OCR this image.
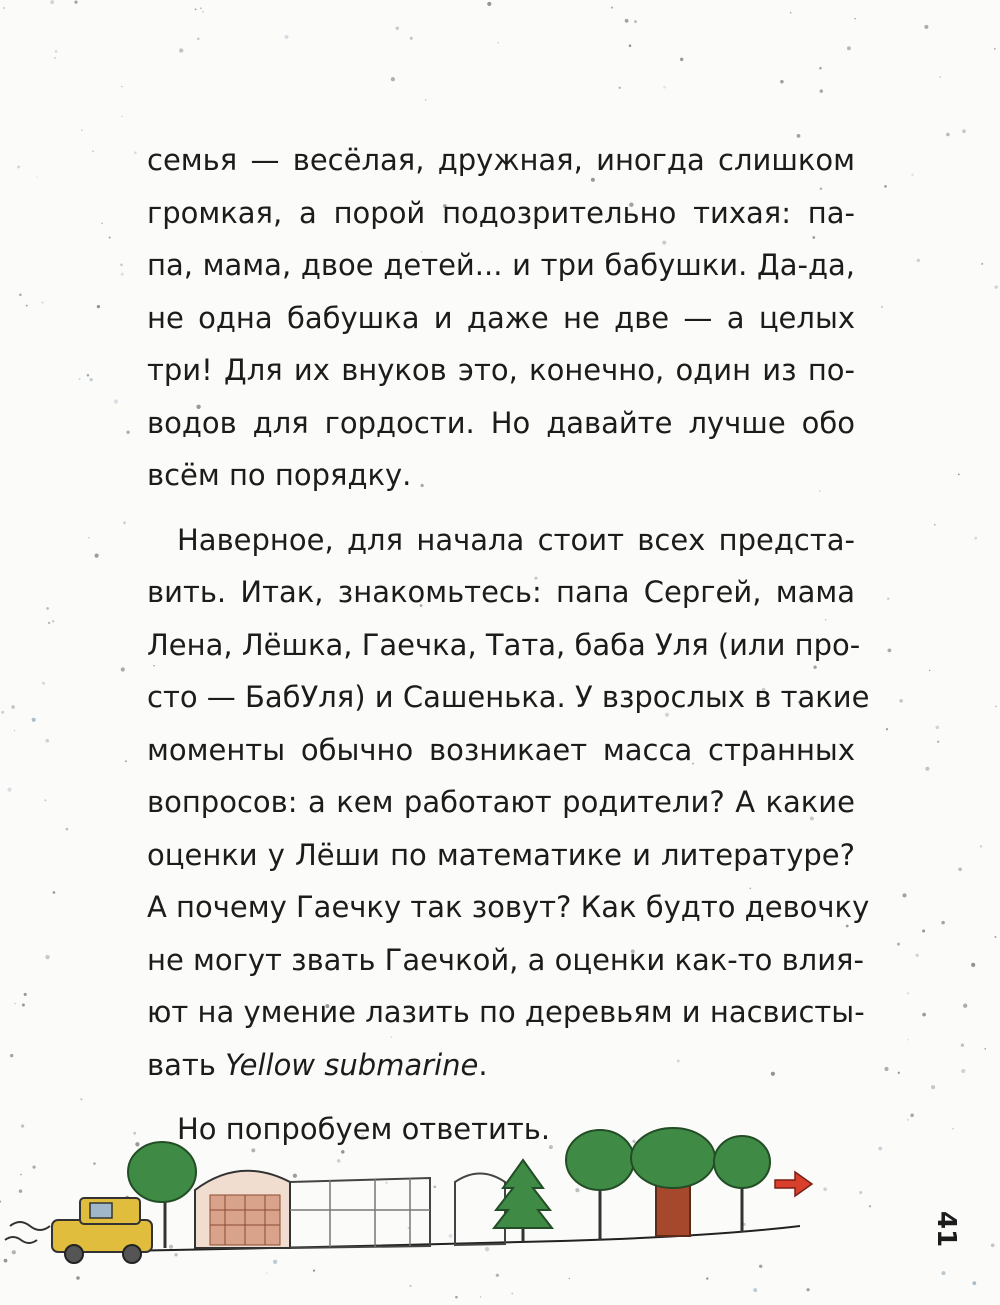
семья — весёлая, дружная, иногда слишком
громкая, а порой подозрительно тихая: па-
па, мама, двое детей... и три бабушки. Да-да,
не одна бабушка и даже не две — а целых
три! Для их внуков это, конечно, один из по-
водов для гордости. Но давайте лучше обо
всём по порядку.
Наверное, для начала стоит всех предста-
вить. Итак, знакомьтесь: папа Сергей, мама
Лена, Лёшка, Гаечка, Тата, баба Уля (или про-
сто — БабУля) и Сашенька. У взрослых в такие
моменты обычно возникает масса странных
вопросов: а кем работают родители? А какие
оценки у Лёши по математике и литературе?
А почему Гаечку так зовут? Как будто девочку
не могут звать Гаечкой, а оценки как-то влия-
ют на умение лазить по деревьям и насвисты-
вать Yellow submarine.
Но попробуем ответить.
41
